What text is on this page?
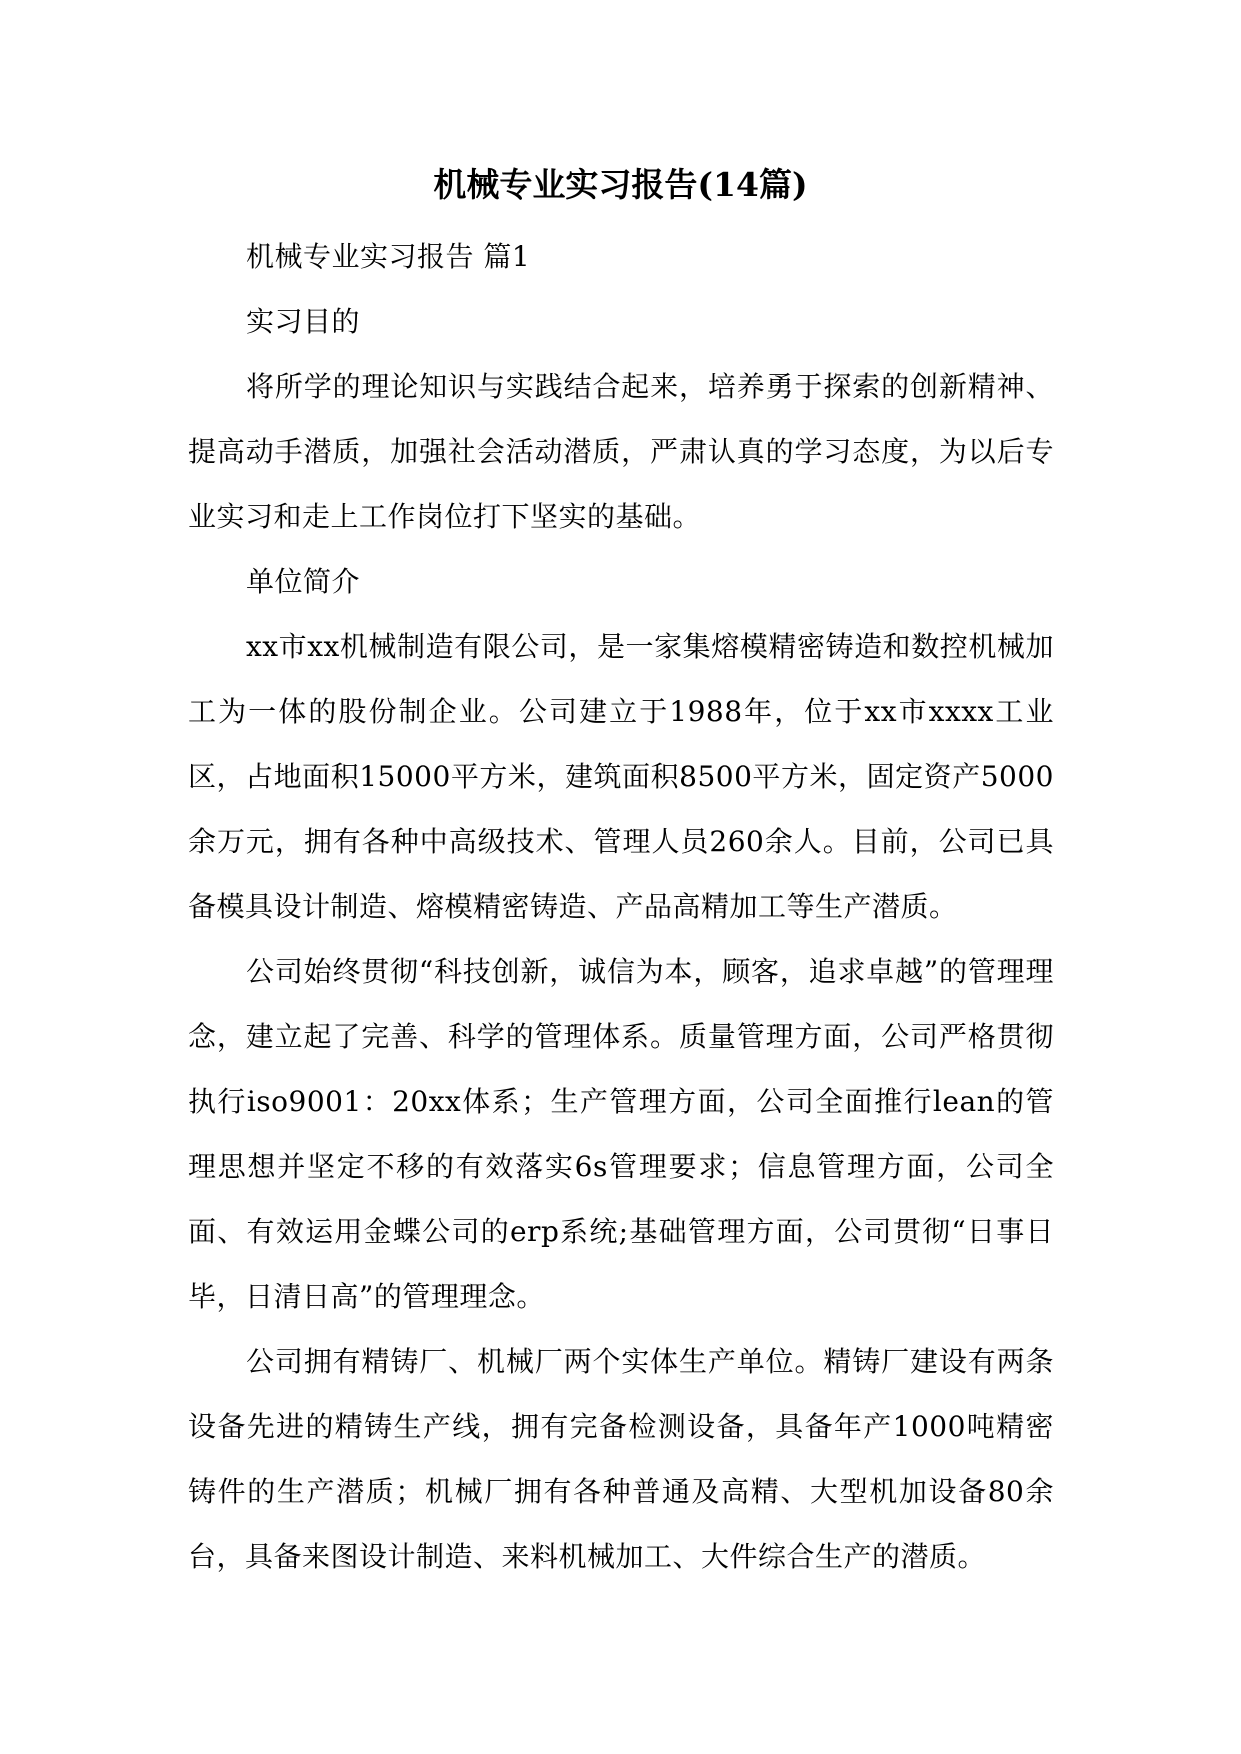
机械专业实习报告(14篇)

机械专业实习报告 篇1

实习目的

将所学的理论知识与实践结合起来，培养勇于探索的创新精神、提高动手潜质，加强社会活动潜质，严肃认真的学习态度，为以后专业实习和走上工作岗位打下坚实的基础。

单位简介

xx市xx机械制造有限公司，是一家集熔模精密铸造和数控机械加工为一体的股份制企业。公司建立于1988年，位于xx市xxxx工业区，占地面积15000平方米，建筑面积8500平方米，固定资产5000余万元，拥有各种中高级技术、管理人员260余人。目前，公司已具备模具设计制造、熔模精密铸造、产品高精加工等生产潜质。

公司始终贯彻“科技创新，诚信为本，顾客，追求卓越”的管理理念，建立起了完善、科学的管理体系。质量管理方面，公司严格贯彻执行iso9001：20xx体系；生产管理方面，公司全面推行lean的管理思想并坚定不移的有效落实6s管理要求；信息管理方面，公司全面、有效运用金蝶公司的erp系统;基础管理方面，公司贯彻“日事日毕，日清日高”的管理理念。

公司拥有精铸厂、机械厂两个实体生产单位。精铸厂建设有两条设备先进的精铸生产线，拥有完备检测设备，具备年产1000吨精密铸件的生产潜质；机械厂拥有各种普通及高精、大型机加设备80余台，具备来图设计制造、来料机械加工、大件综合生产的潜质。
